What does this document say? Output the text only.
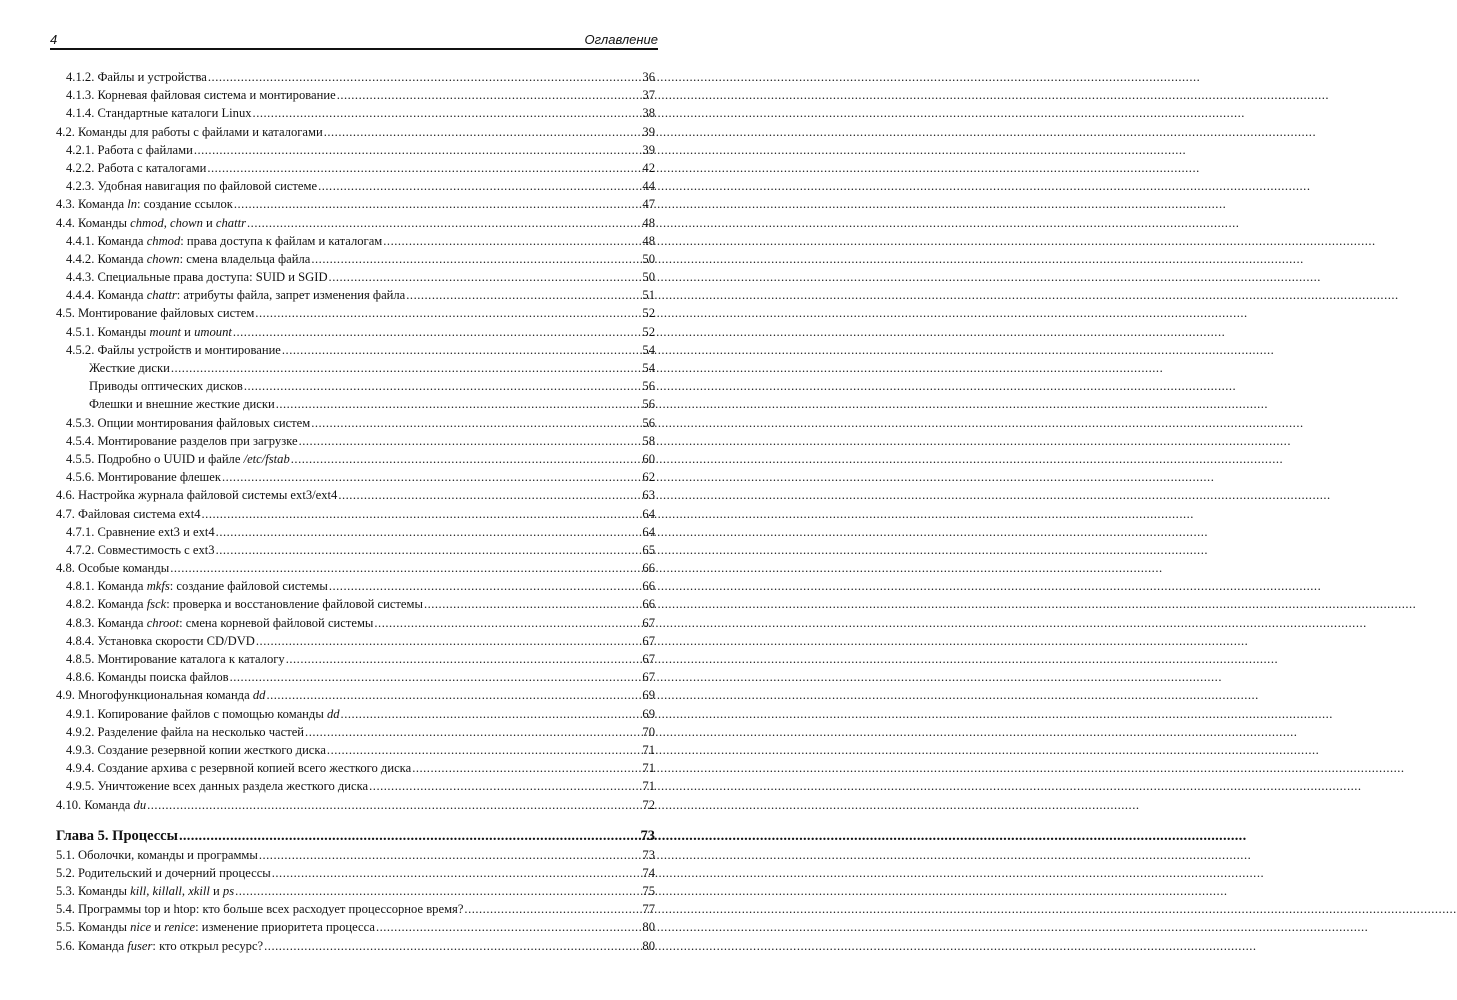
4	Оглавление
4.1.2. Файлы и устройства .....	36
4.1.3. Корневая файловая система и монтирование .....	37
4.1.4. Стандартные каталоги Linux .....	38
4.2. Команды для работы с файлами и каталогами .....	39
4.2.1. Работа с файлами .....	39
4.2.2. Работа с каталогами .....	42
4.2.3. Удобная навигация по файловой системе .....	44
4.3. Команда ln: создание ссылок .....	47
4.4. Команды chmod, chown и chattr .....	48
4.4.1. Команда chmod: права доступа к файлам и каталогам .....	48
4.4.2. Команда chown: смена владельца файла .....	50
4.4.3. Специальные права доступа: SUID и SGID .....	50
4.4.4. Команда chattr: атрибуты файла, запрет изменения файла .....	51
4.5. Монтирование файловых систем .....	52
4.5.1. Команды mount и umount .....	52
4.5.2. Файлы устройств и монтирование .....	54
Жесткие диски .....	54
Приводы оптических дисков .....	56
Флешки и внешние жесткие диски .....	56
4.5.3. Опции монтирования файловых систем .....	56
4.5.4. Монтирование разделов при загрузке .....	58
4.5.5. Подробно о UUID и файле /etc/fstab .....	60
4.5.6. Монтирование флешек .....	62
4.6. Настройка журнала файловой системы ext3/ext4 .....	63
4.7. Файловая система ext4 .....	64
4.7.1. Сравнение ext3 и ext4 .....	64
4.7.2. Совместимость с ext3 .....	65
4.8. Особые команды .....	66
4.8.1. Команда mkfs: создание файловой системы .....	66
4.8.2. Команда fsck: проверка и восстановление файловой системы .....	66
4.8.3. Команда chroot: смена корневой файловой системы .....	67
4.8.4. Установка скорости CD/DVD .....	67
4.8.5. Монтирование каталога к каталогу .....	67
4.8.6. Команды поиска файлов .....	67
4.9. Многофункциональная команда dd .....	69
4.9.1. Копирование файлов с помощью команды dd .....	69
4.9.2. Разделение файла на несколько частей .....	70
4.9.3. Создание резервной копии жесткого диска .....	71
4.9.4. Создание архива с резервной копией всего жесткого диска .....	71
4.9.5. Уничтожение всех данных раздела жесткого диска .....	71
4.10. Команда du .....	72
Глава 5. Процессы .....	73
5.1. Оболочки, команды и программы .....	73
5.2. Родительский и дочерний процессы .....	74
5.3. Команды kill, killall, xkill и ps .....	75
5.4. Программы top и htop: кто больше всех расходует процессорное время? .....	77
5.5. Команды nice и renice: изменение приоритета процесса .....	80
5.6. Команда fuser: кто открыл ресурс? .....	80
